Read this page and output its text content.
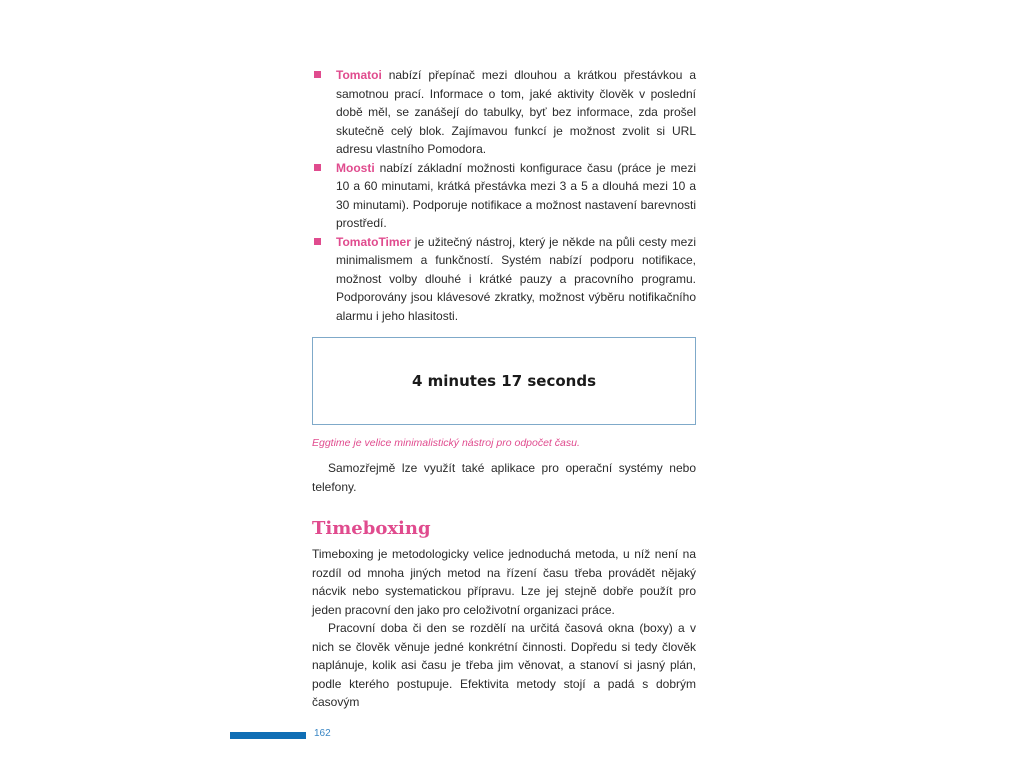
Tomatoi nabízí přepínač mezi dlouhou a krátkou přestávkou a samotnou prací. Informace o tom, jaké aktivity člověk v poslední době měl, se zanášejí do tabulky, byť bez informace, zda prošel skutečně celý blok. Zajímavou funkcí je možnost zvolit si URL adresu vlastního Pomodora.
Moosti nabízí základní možnosti konfigurace času (práce je mezi 10 a 60 minutami, krátká přestávka mezi 3 a 5 a dlouhá mezi 10 a 30 minutami). Podporuje notifikace a možnost nastavení barevnosti prostředí.
TomatoTimer je užitečný nástroj, který je někde na půli cesty mezi minimalismem a funkčností. Systém nabízí podporu notifikace, možnost volby dlouhé i krátké pauzy a pracovního programu. Podporovány jsou klávesové zkratky, možnost výběru notifikačního alarmu i jeho hlasitosti.
4 minutes 17 seconds
Eggtime je velice minimalistický nástroj pro odpočet času.

Samozřejmě lze využít také aplikace pro operační systémy nebo telefony.

Timeboxing

Timeboxing je metodologicky velice jednoduchá metoda, u níž není na rozdíl od mnoha jiných metod na řízení času třeba provádět nějaký nácvik nebo systematickou přípravu. Lze jej stejně dobře použít pro jeden pracovní den jako pro celoživotní organizaci práce.

Pracovní doba či den se rozdělí na určitá časová okna (boxy) a v nich se člověk věnuje jedné konkrétní činnosti. Dopředu si tedy člověk naplánuje, kolik asi času je třeba jim věnovat, a stanoví si jasný plán, podle kterého postupuje. Efektivita metody stojí a padá s dobrým časovým

162
